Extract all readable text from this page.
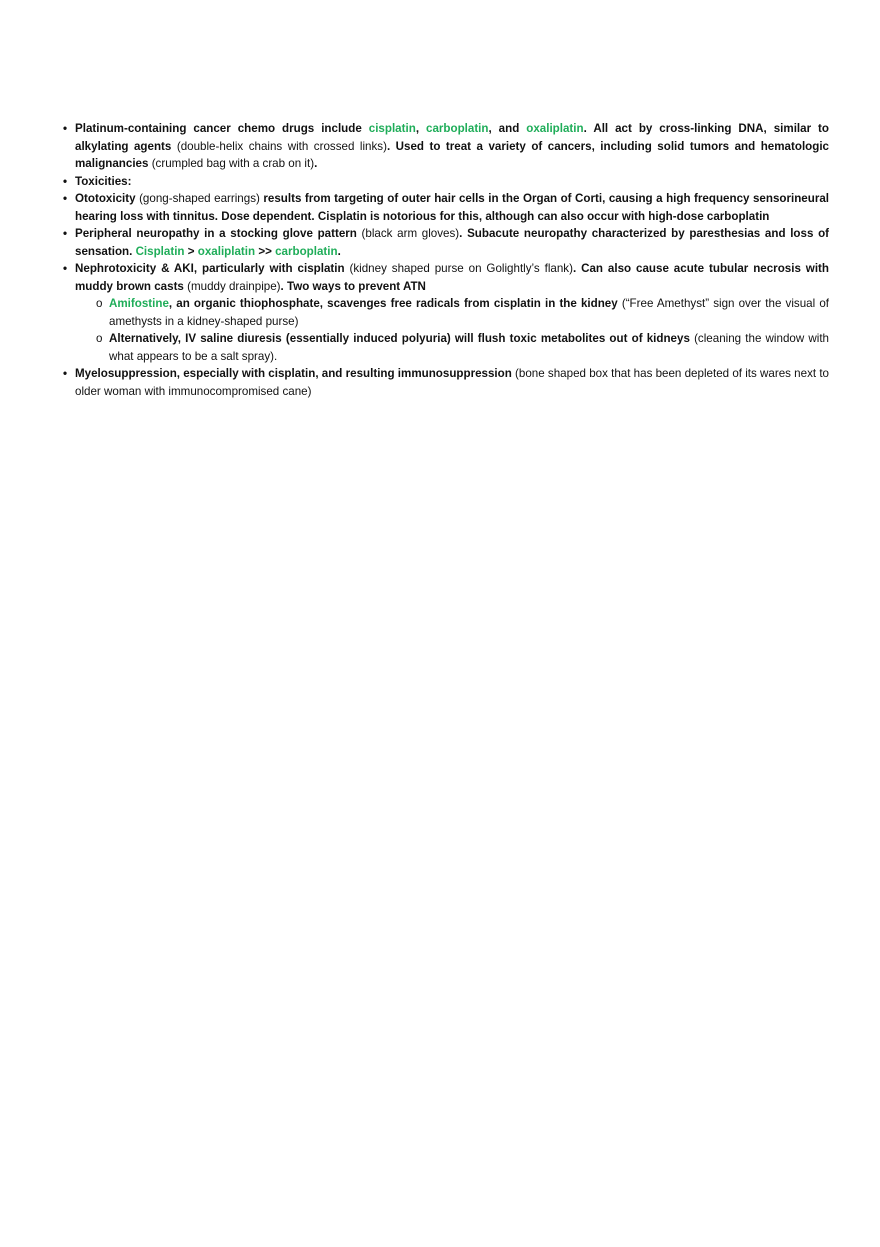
• Platinum-containing cancer chemo drugs include cisplatin, carboplatin, and oxaliplatin. All act by cross-linking DNA, similar to alkylating agents (double-helix chains with crossed links). Used to treat a variety of cancers, including solid tumors and hematologic malignancies (crumpled bag with a crab on it).
• Toxicities:
• Ototoxicity (gong-shaped earrings) results from targeting of outer hair cells in the Organ of Corti, causing a high frequency sensorineural hearing loss with tinnitus. Dose dependent. Cisplatin is notorious for this, although can also occur with high-dose carboplatin
• Peripheral neuropathy in a stocking glove pattern (black arm gloves). Subacute neuropathy characterized by paresthesias and loss of sensation. Cisplatin > oxaliplatin >> carboplatin.
• Nephrotoxicity & AKI, particularly with cisplatin (kidney shaped purse on Golightly’s flank). Can also cause acute tubular necrosis with muddy brown casts (muddy drainpipe). Two ways to prevent ATN
o Amifostine, an organic thiophosphate, scavenges free radicals from cisplatin in the kidney (“Free Amethyst” sign over the visual of amethysts in a kidney-shaped purse)
o Alternatively, IV saline diuresis (essentially induced polyuria) will flush toxic metabolites out of kidneys (cleaning the window with what appears to be a salt spray).
• Myelosuppression, especially with cisplatin, and resulting immunosuppression (bone shaped box that has been depleted of its wares next to older woman with immunocompromised cane)
